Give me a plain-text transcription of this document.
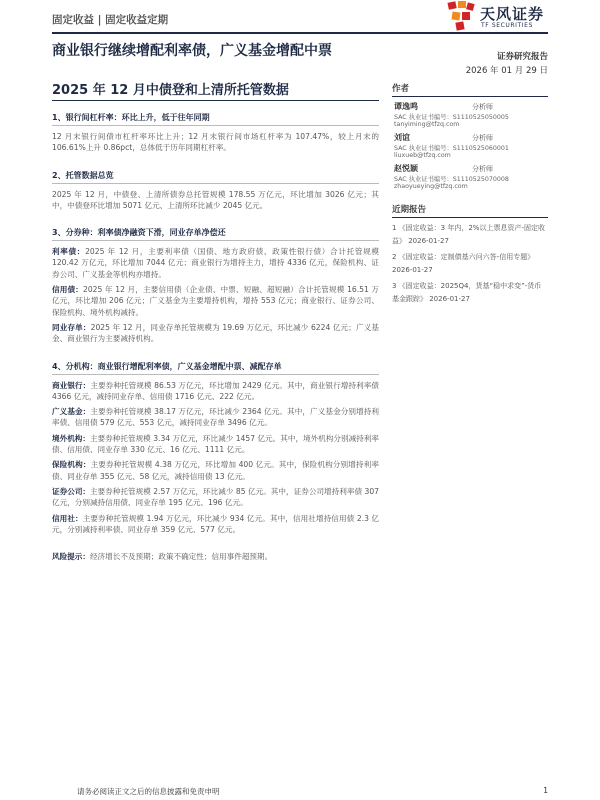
固定收益 | 固定收益定期	天风证券
TF SECURITIES
商业银行继续增配利率债，广义基金增配中票	证券研究报告
2026 年 01 月 29 日
2025 年 12 月中债登和上清所托管数据
1、银行间杠杆率：环比上升，低于往年同期

12 月末银行间债市杠杆率环比上升；12 月末银行间市场杠杆率为 107.47%，较上月末的 106.61%上升 0.86pct，总体低于历年同期杠杆率。

2、托管数据总览

2025 年 12 月，中债登、上清所债券总托管规模 178.55 万亿元，环比增加 3026 亿元；其中，中债登环比增加 5071 亿元、上清所环比减少 2045 亿元。

3、分券种：利率债净融资下滑，同业存单净偿还

利率债：2025 年 12 月，主要利率债（国债、地方政府债、政策性银行债）合计托管规模 120.42 万亿元，环比增加 7044 亿元；商业银行为增持主力，增持 4336 亿元，保险机构、证券公司、广义基金等机构亦增持。

信用债：2025 年 12 月，主要信用债（企业债、中票、短融、超短融）合计托管规模 16.51 万亿元，环比增加 206 亿元；广义基金为主要增持机构，增持 553 亿元；商业银行、证券公司、保险机构、境外机构减持。

同业存单：2025 年 12 月，同业存单托管规模为 19.69 万亿元，环比减少 6224 亿元；广义基金、商业银行为主要减持机构。

4、分机构：商业银行增配利率债，广义基金增配中票、减配存单

商业银行：主要券种托管规模 86.53 万亿元，环比增加 2429 亿元。其中，商业银行增持利率债 4366 亿元，减持同业存单、信用债 1716 亿元、222 亿元。

广义基金：主要券种托管规模 38.17 万亿元，环比减少 2364 亿元。其中，广义基金分别增持利率债、信用债 579 亿元、553 亿元，减持同业存单 3496 亿元。

境外机构：主要券种托管规模 3.34 万亿元，环比减少 1457 亿元。其中，境外机构分别减持利率债、信用债、同业存单 330 亿元、16 亿元、1111 亿元。

保险机构：主要券种托管规模 4.38 万亿元，环比增加 400 亿元。其中，保险机构分别增持利率债、同业存单 355 亿元、58 亿元，减持信用债 13 亿元。

证券公司：主要券种托管规模 2.57 万亿元，环比减少 85 亿元。其中，证券公司增持利率债 307 亿元，分别减持信用债、同业存单 195 亿元、196 亿元。

信用社：主要券种托管规模 1.94 万亿元，环比减少 934 亿元。其中，信用社增持信用债 2.3 亿元，分别减持利率债、同业存单 359 亿元、577 亿元。

风险提示：经济增长不及预期；政策不确定性；信用事件超预期。

作者
谭逸鸣	分析师
SAC 执业证书编号：S1110525050005
tanyiming@tfzq.com
刘谊	分析师
SAC 执业证书编号：S1110525060001
liuxueb@tfzq.com
赵悦颖	分析师
SAC 执业证书编号：S1110525070008
zhaoyueying@tfzq.com
近期报告
1 《固定收益：3 年内，2%以上票息资产-固定收益》 2026-01-27
2 《固定收益：定制债基六问六答-信用专题》 2026-01-27
3 《固定收益：2025Q4，货基“稳中求变”-货币基金跟踪》 2026-01-27
请务必阅读正文之后的信息披露和免责申明	1
